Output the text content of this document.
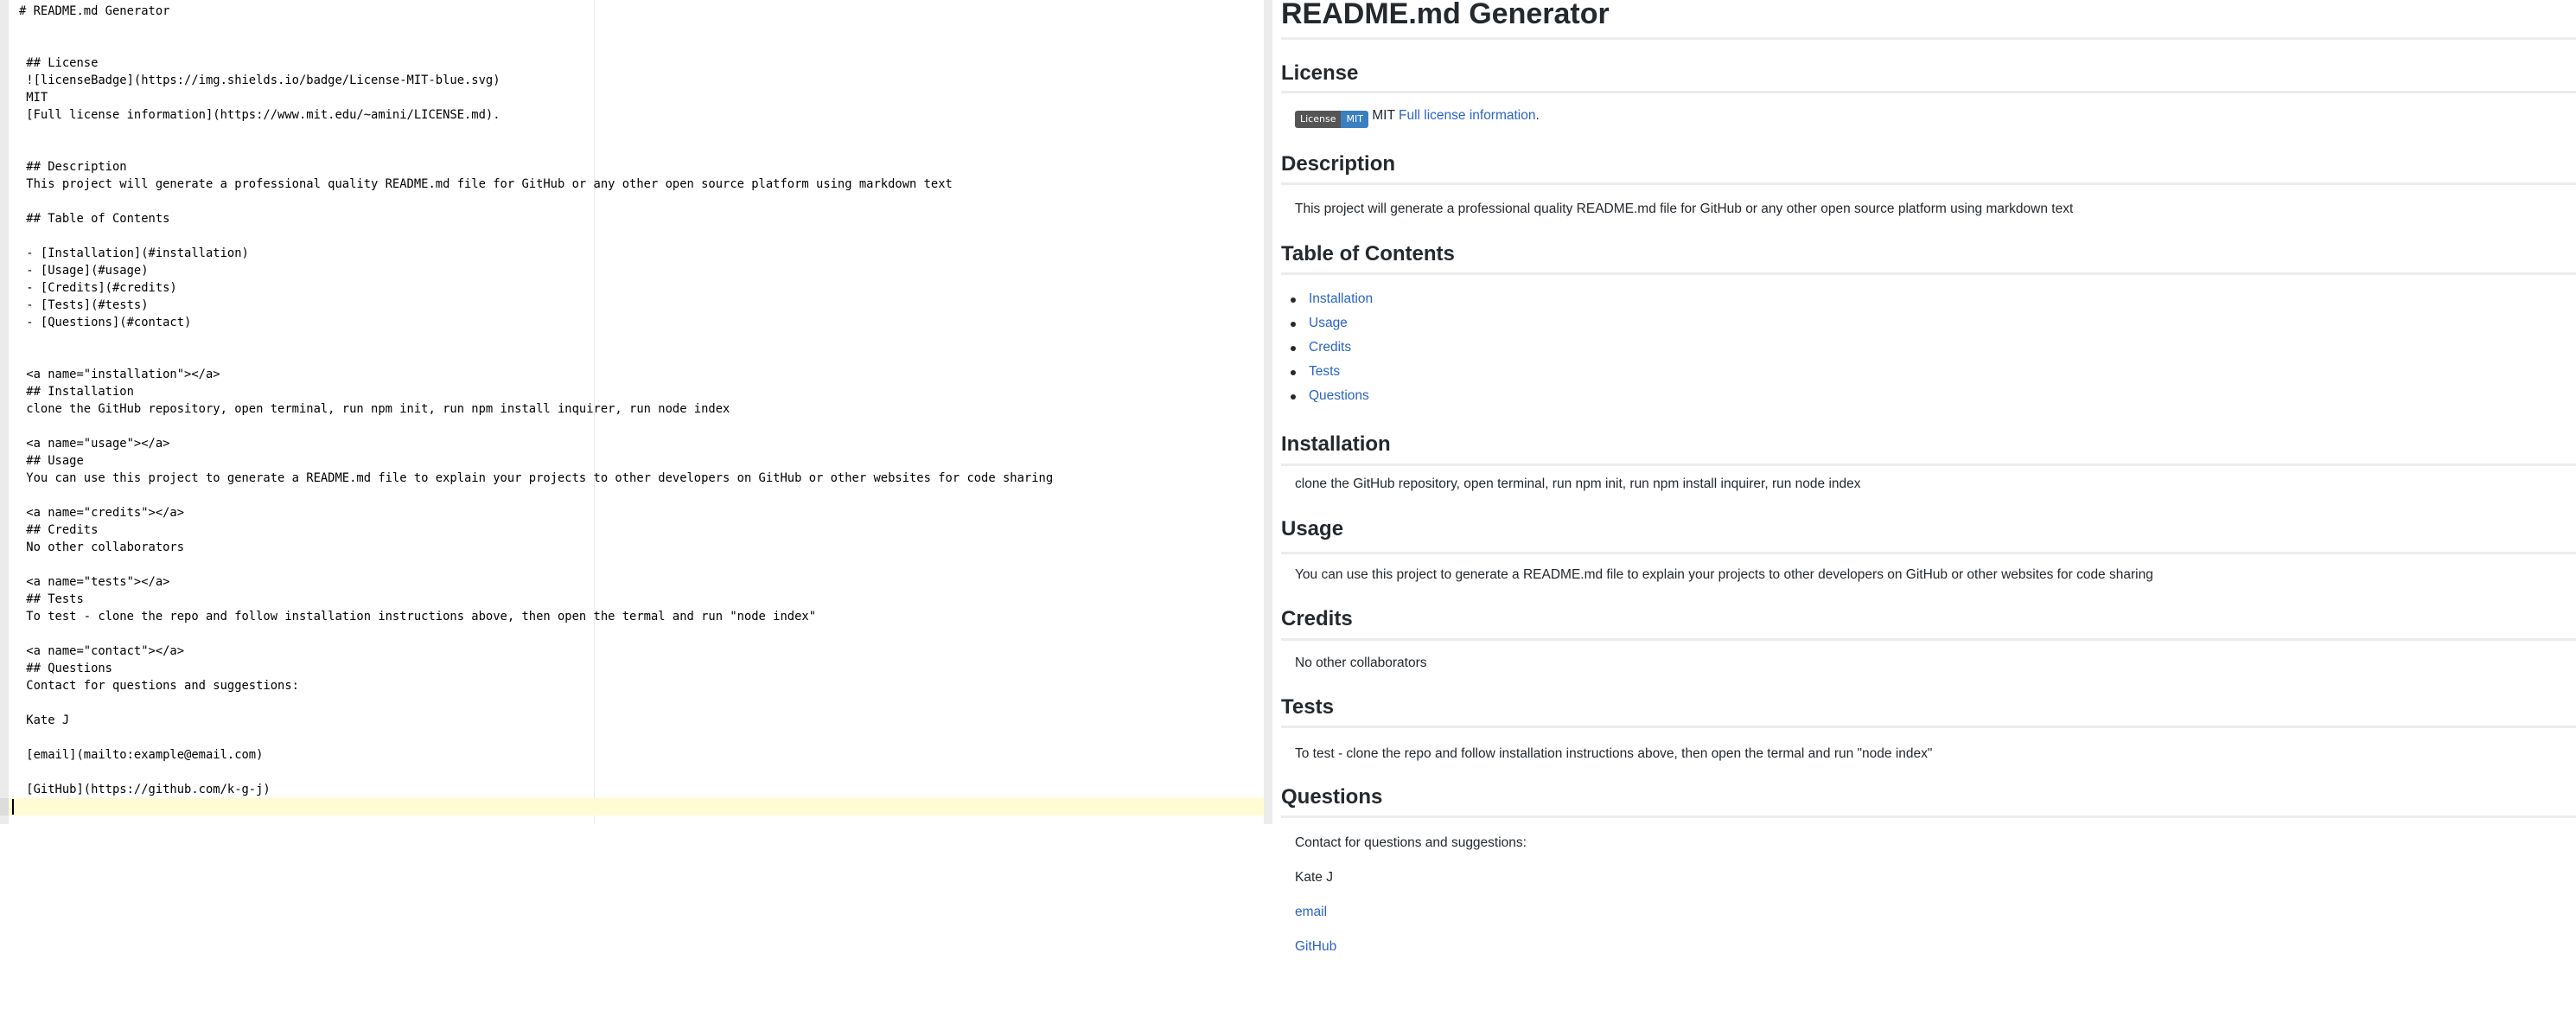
# README.md Generator
## License
![licenseBadge](https://img.shields.io/badge/License-MIT-blue.svg)
MIT
[Full license information](https://www.mit.edu/~amini/LICENSE.md).
## Description
This project will generate a professional quality README.md file for GitHub or any other open source platform using markdown text
## Table of Contents
- [Installation](#installation)
- [Usage](#usage)
- [Credits](#credits)
- [Tests](#tests)
- [Questions](#contact)
<a name="installation"></a>
## Installation
clone the GitHub repository, open terminal, run npm init, run npm install inquirer, run node index
<a name="usage"></a>
## Usage
You can use this project to generate a README.md file to explain your projects to other developers on GitHub or other websites for code sharing
<a name="credits"></a>
## Credits
No other collaborators
<a name="tests"></a>
## Tests
To test - clone the repo and follow installation instructions above, then open the termal and run "node index"
<a name="contact"></a>
## Questions
Contact for questions and suggestions:
Kate J
[email](mailto:example@email.com)
[GitHub](https://github.com/k-g-j)
README.md Generator
License

License	MIT MIT Full license information.

Description

This project will generate a professional quality README.md file for GitHub or any other open source platform using markdown text

Table of Contents
Installation
Usage
Credits
Tests
Questions
Installation

clone the GitHub repository, open terminal, run npm init, run npm install inquirer, run node index

Usage

You can use this project to generate a README.md file to explain your projects to other developers on GitHub or other websites for code sharing

Credits

No other collaborators

Tests

To test - clone the repo and follow installation instructions above, then open the termal and run "node index"

Questions

Contact for questions and suggestions:

Kate J

email

GitHub
